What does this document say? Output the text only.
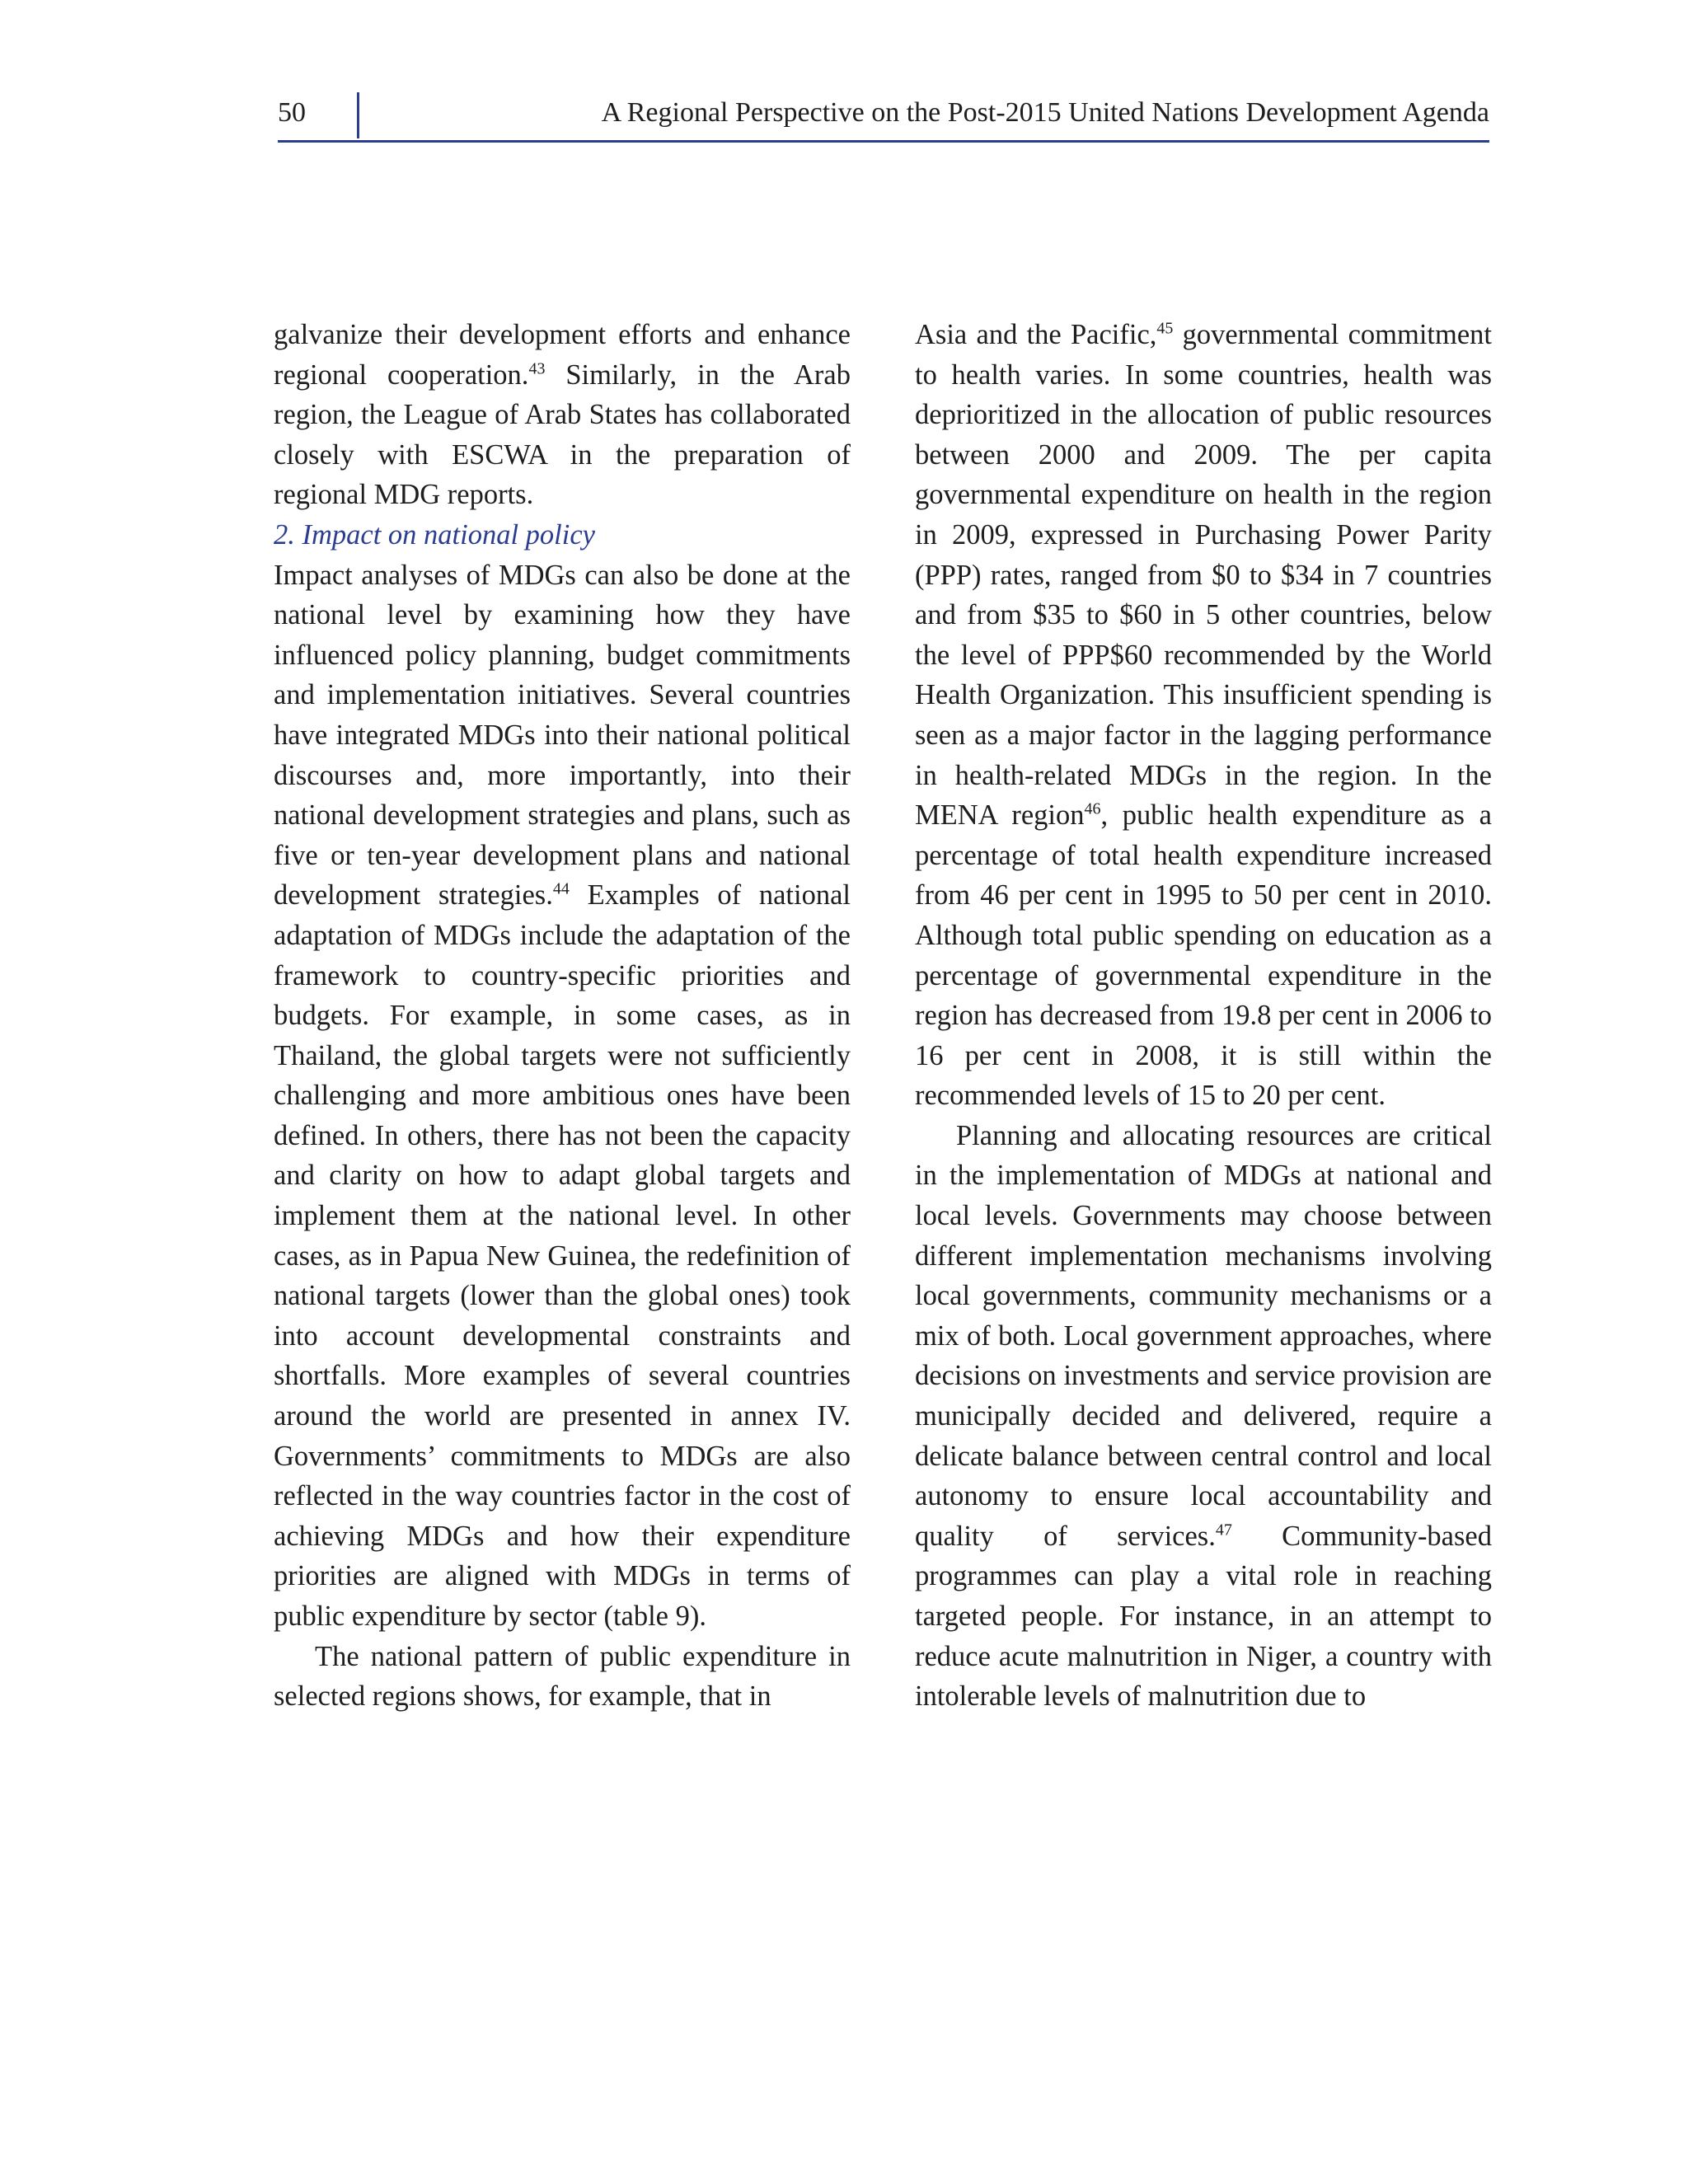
50	A Regional Perspective on the Post-2015 United Nations Development Agenda

galvanize their development efforts and enhance regional cooperation.$^{43}$ Similarly, in the Arab region, the League of Arab States has collaborated closely with ESCWA in the preparation of regional MDG reports.

2. Impact on national policy

Impact analyses of MDGs can also be done at the national level by examining how they have influenced policy planning, budget commitments and implementation initiatives. Several countries have integrated MDGs into their national political discourses and, more importantly, into their national development strategies and plans, such as five or ten-year development plans and national development strategies.$^{44}$ Examples of national adaptation of MDGs include the adaptation of the framework to country-specific priorities and budgets. For example, in some cases, as in Thailand, the global targets were not sufficiently challenging and more ambitious ones have been defined. In others, there has not been the capacity and clarity on how to adapt global targets and implement them at the national level. In other cases, as in Papua New Guinea, the redefinition of national targets (lower than the global ones) took into account developmental constraints and shortfalls. More examples of several countries around the world are presented in annex IV. Governments’ commitments to MDGs are also reflected in the way countries factor in the cost of achieving MDGs and how their expenditure priorities are aligned with MDGs in terms of public expenditure by sector (table 9).

The national pattern of public expenditure in selected regions shows, for example, that in

Asia and the Pacific,$^{45}$ governmental commitment to health varies. In some countries, health was deprioritized in the allocation of public resources between 2000 and 2009. The per capita governmental expenditure on health in the region in 2009, expressed in Purchasing Power Parity (PPP) rates, ranged from $0 to $34 in 7 countries and from $35 to $60 in 5 other countries, below the level of PPP$60 recommended by the World Health Organization. This insufficient spending is seen as a major factor in the lagging performance in health-related MDGs in the region. In the MENA region$^{46}$, public health expenditure as a percentage of total health expenditure increased from 46 per cent in 1995 to 50 per cent in 2010. Although total public spending on education as a percentage of governmental expenditure in the region has decreased from 19.8 per cent in 2006 to 16 per cent in 2008, it is still within the recommended levels of 15 to 20 per cent.

Planning and allocating resources are critical in the implementation of MDGs at national and local levels. Governments may choose between different implementation mechanisms involving local governments, community mechanisms or a mix of both. Local government approaches, where decisions on investments and service provision are municipally decided and delivered, require a delicate balance between central control and local autonomy to ensure local accountability and quality of services.$^{47}$ Community-based programmes can play a vital role in reaching targeted people. For instance, in an attempt to reduce acute malnutrition in Niger, a country with intolerable levels of malnutrition due to
